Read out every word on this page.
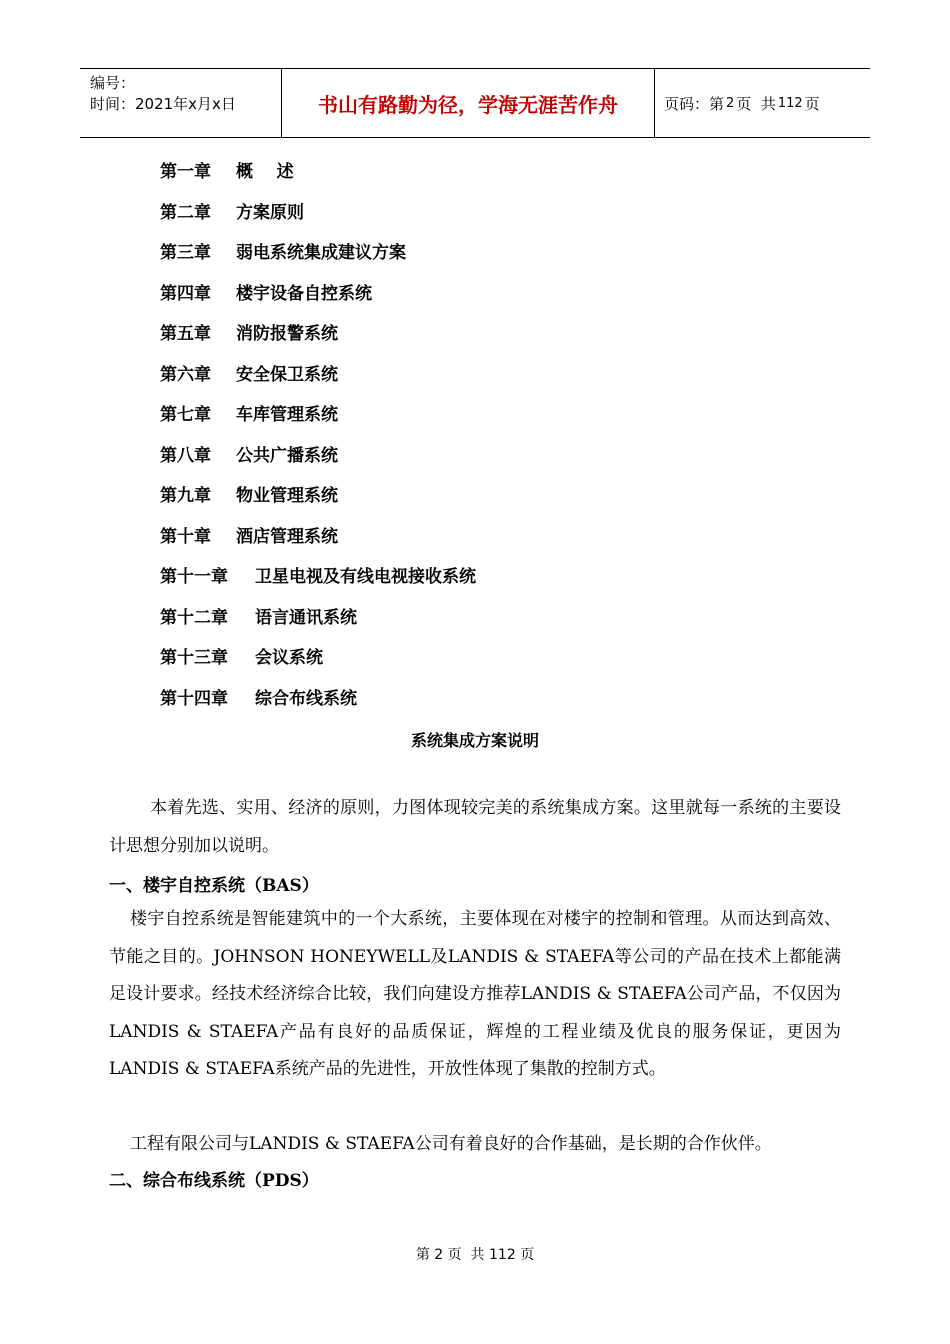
编号：
时间：2021年x月x日	书山有路勤为径，学海无涯苦作舟	页码：第 2 页  共 112 页
第一章 概    述
第二章 方案原则
第三章 弱电系统集成建议方案
第四章 楼宇设备自控系统
第五章 消防报警系统
第六章 安全保卫系统
第七章 车库管理系统
第八章 公共广播系统
第九章 物业管理系统
第十章 酒店管理系统
第十一章 卫星电视及有线电视接收系统
第十二章 语言通讯系统
第十三章 会议系统
第十四章 综合布线系统
系统集成方案说明

本着先选、实用、经济的原则，力图体现较完美的系统集成方案。这里就每一系统的主要设计思想分别加以说明。

一、楼宇自控系统（BAS）

楼宇自控系统是智能建筑中的一个大系统，主要体现在对楼宇的控制和管理。从而达到高效、节能之目的。JOHNSON HONEYWELL及LANDIS & STAEFA等公司的产品在技术上都能满足设计要求。经技术经济综合比较，我们向建设方推荐LANDIS & STAEFA公司产品，不仅因为LANDIS & STAEFA产品有良好的品质保证，辉煌的工程业绩及优良的服务保证，更因为LANDIS & STAEFA系统产品的先进性，开放性体现了集散的控制方式。

工程有限公司与LANDIS & STAEFA公司有着良好的合作基础，是长期的合作伙伴。

二、综合布线系统（PDS）
第 2 页  共 112 页
